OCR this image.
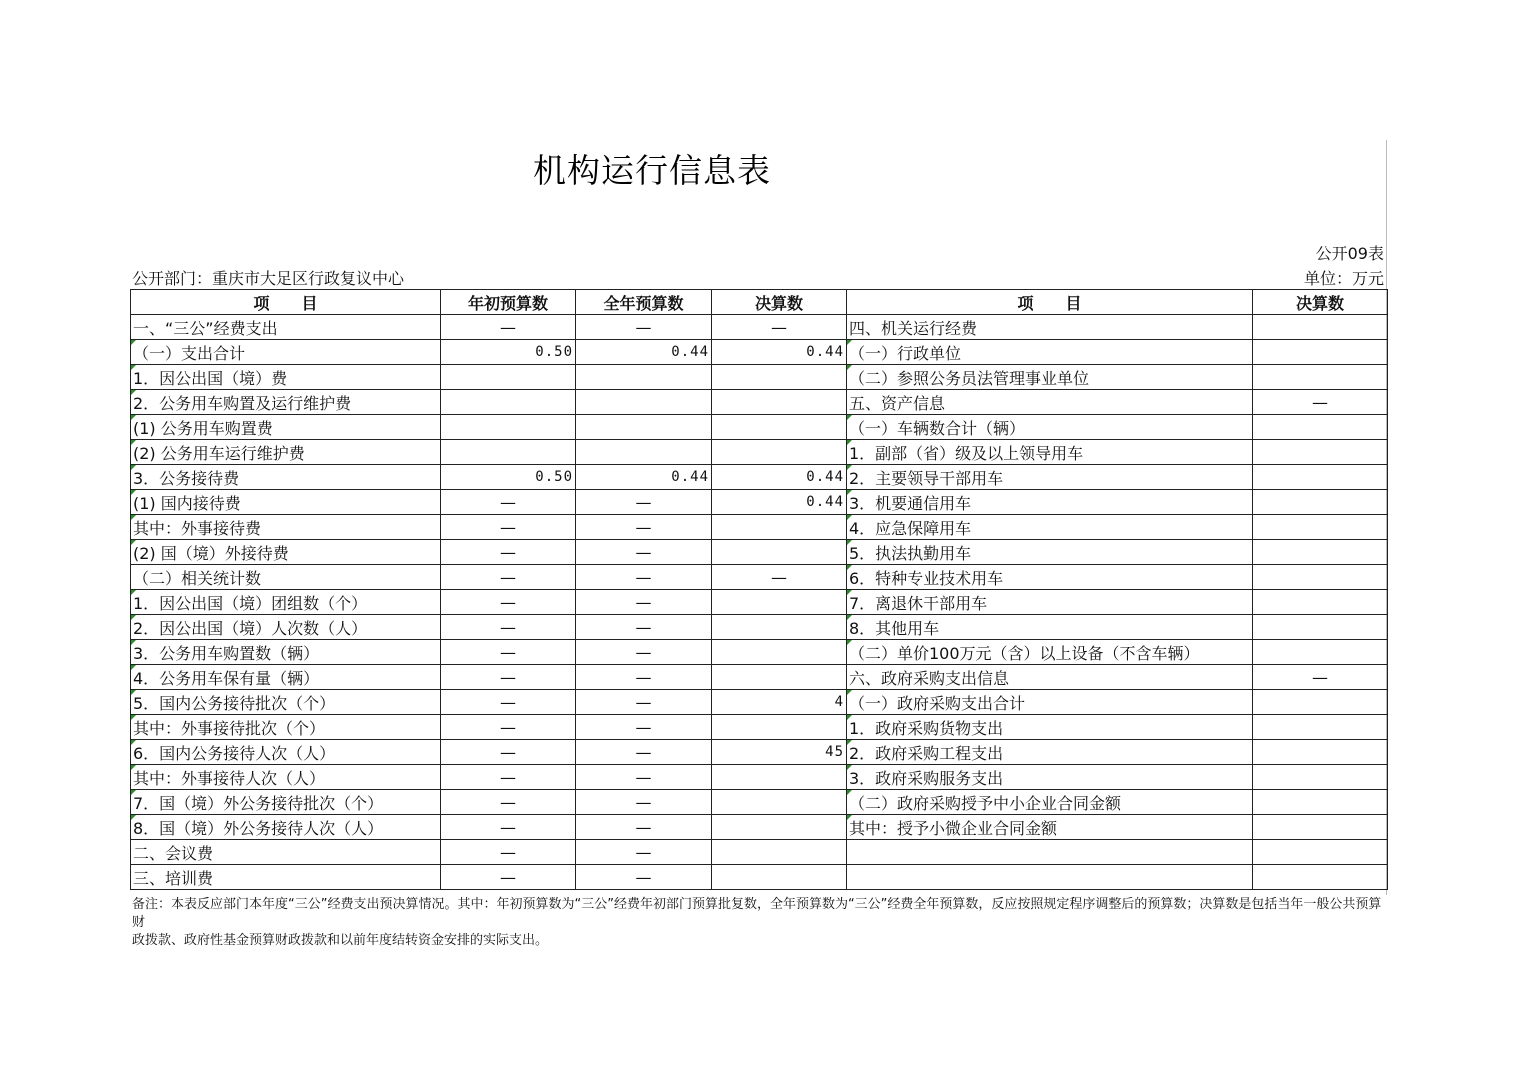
机构运行信息表
公开09表
公开部门：重庆市大足区行政复议中心	单位：万元
项　　目	年初预算数	全年预算数	决算数	项　　目	决算数
一、“三公”经费支出	—	—	—	四、机关运行经费	
（一）支出合计	0.50	0.44	0.44	（一）行政单位	
1．因公出国（境）费				（二）参照公务员法管理事业单位	
2．公务用车购置及运行维护费				五、资产信息	—
(1) 公务用车购置费				（一）车辆数合计（辆）	
(2) 公务用车运行维护费				1．副部（省）级及以上领导用车	
3．公务接待费	0.50	0.44	0.44	2．主要领导干部用车	
(1) 国内接待费	—	—	0.44	3．机要通信用车	
其中：外事接待费	—	—		4．应急保障用车	
(2) 国（境）外接待费	—	—		5．执法执勤用车	
（二）相关统计数	—	—	—	6．特种专业技术用车	
1．因公出国（境）团组数（个）	—	—		7．离退休干部用车	
2．因公出国（境）人次数（人）	—	—		8．其他用车	
3．公务用车购置数（辆）	—	—		（二）单价100万元（含）以上设备（不含车辆）	
4．公务用车保有量（辆）	—	—		六、政府采购支出信息	—
5．国内公务接待批次（个）	—	—	4	（一）政府采购支出合计	
其中：外事接待批次（个）	—	—		1．政府采购货物支出	
6．国内公务接待人次（人）	—	—	45	2．政府采购工程支出	
其中：外事接待人次（人）	—	—		3．政府采购服务支出	
7．国（境）外公务接待批次（个）	—	—		（二）政府采购授予中小企业合同金额	
8．国（境）外公务接待人次（人）	—	—		其中：授予小微企业合同金额	
二、会议费	—	—			
三、培训费	—	—			
备注：本表反应部门本年度“三公”经费支出预决算情况。其中：年初预算数为“三公”经费年初部门预算批复数，全年预算数为“三公”经费全年预算数，反应按照规定程序调整后的预算数；决算数是包括当年一般公共预算财
政拨款、政府性基金预算财政拨款和以前年度结转资金安排的实际支出。
